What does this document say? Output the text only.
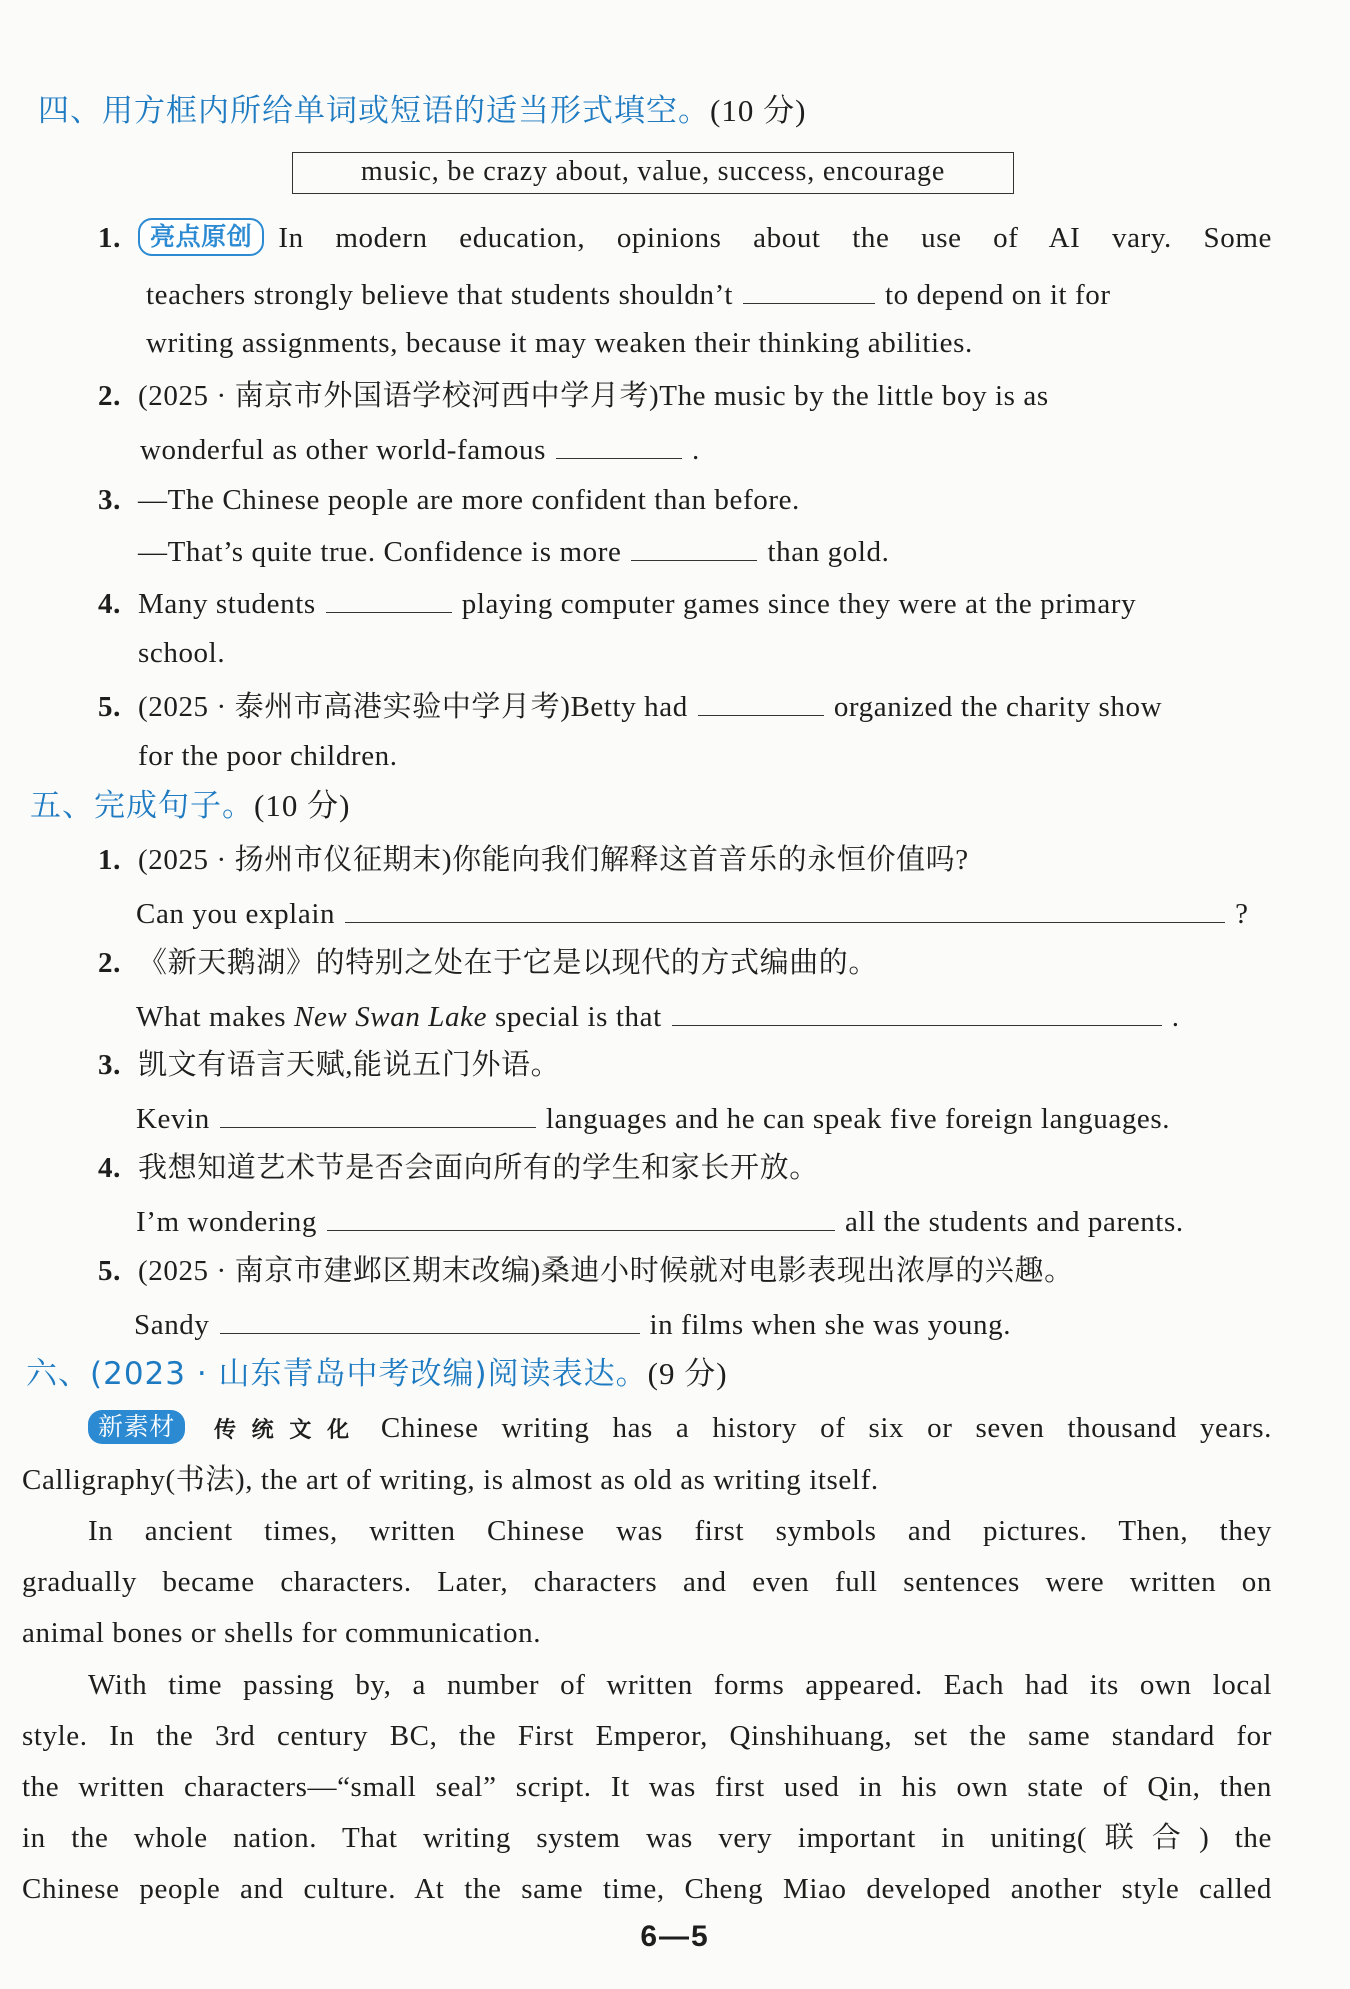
四、用方框内所给单词或短语的适当形式填空。(10 分)
music, be crazy about, value, success, encourage
1. 亮点原创 In modern education, opinions about the use of AI vary. Some
teachers strongly believe that students shouldn’t	to depend on it for
writing assignments, because it may weaken their thinking abilities.
2. (2025 · 南京市外国语学校河西中学月考)The music by the little boy is as
wonderful as other world-famous	.
3. —The Chinese people are more confident than before.
—That’s quite true. Confidence is more	than gold.
4. Many students	playing computer games since they were at the primary
school.
5. (2025 · 泰州市高港实验中学月考)Betty had	organized the charity show
for the poor children.
五、完成句子。(10 分)
1. (2025 · 扬州市仪征期末)你能向我们解释这首音乐的永恒价值吗?
Can you explain	?
2. 《新天鹅湖》的特别之处在于它是以现代的方式编曲的。
What makes New Swan Lake special is that	.
3. 凯文有语言天赋,能说五门外语。
Kevin	languages and he can speak five foreign languages.
4. 我想知道艺术节是否会面向所有的学生和家长开放。
I’m wondering	all the students and parents.
5. (2025 · 南京市建邺区期末改编)桑迪小时候就对电影表现出浓厚的兴趣。
Sandy	in films when she was young.
六、(2023 · 山东青岛中考改编)阅读表达。(9 分)
新素材 传统文化 Chinese writing has a history of six or seven thousand years.
Calligraphy(书法), the art of writing, is almost as old as writing itself.
In ancient times, written Chinese was first symbols and pictures. Then, they
gradually became characters. Later, characters and even full sentences were written on
animal bones or shells for communication.
With time passing by, a number of written forms appeared. Each had its own local
style. In the 3rd century BC, the First Emperor, Qinshihuang, set the same standard for
the written characters—“small seal” script. It was first used in his own state of Qin, then
in the whole nation. That writing system was very important in uniting(联合) the
Chinese people and culture. At the same time, Cheng Miao developed another style called
6—5
